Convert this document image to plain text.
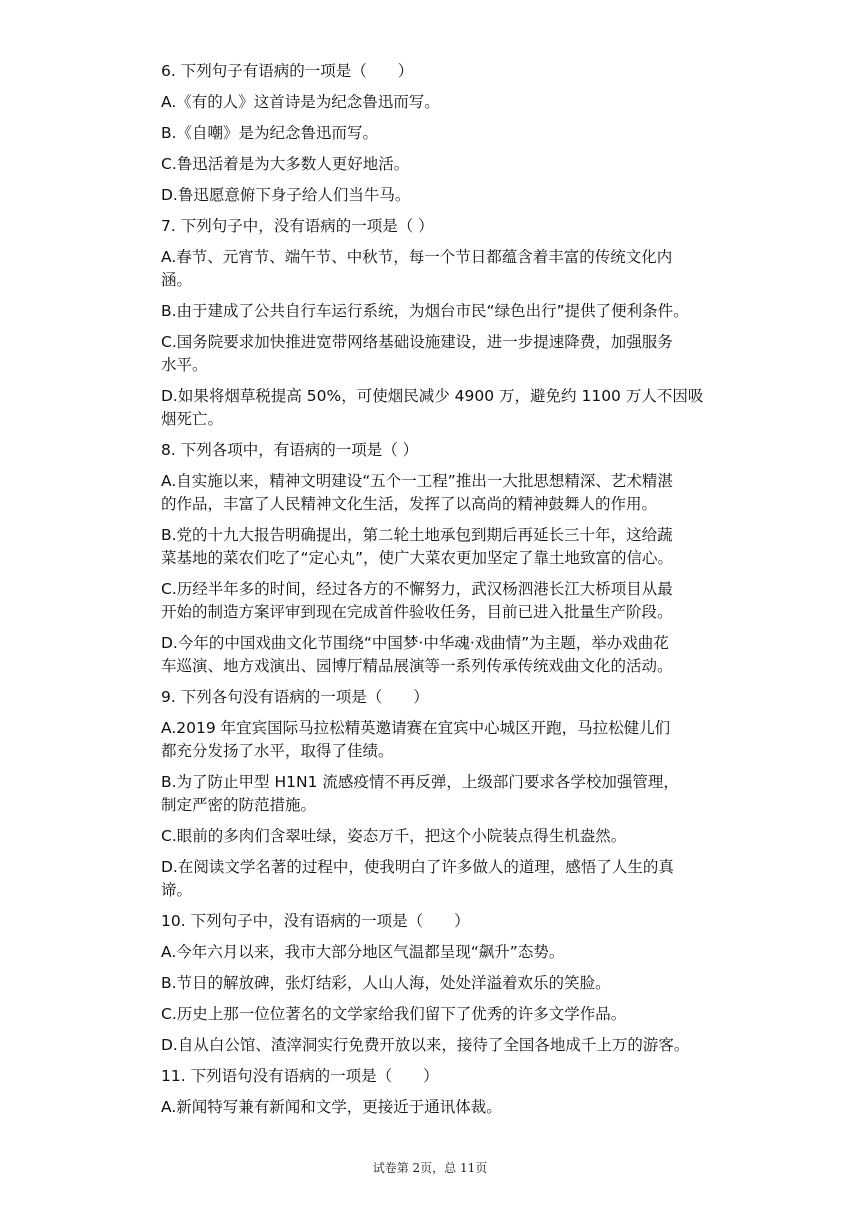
6. 下列句子有语病的一项是（　　）
A.《有的人》这首诗是为纪念鲁迅而写。
B.《自嘲》是为纪念鲁迅而写。
C.鲁迅活着是为大多数人更好地活。
D.鲁迅愿意俯下身子给人们当牛马。
7. 下列句子中，没有语病的一项是（ ）
A.春节、元宵节、端午节、中秋节，每一个节日都蕴含着丰富的传统文化内
涵。
B.由于建成了公共自行车运行系统，为烟台市民“绿色出行”提供了便利条件。
C.国务院要求加快推进宽带网络基础设施建设，进一步提速降费，加强服务
水平。
D.如果将烟草税提高 50%，可使烟民减少 4900 万，避免约 1100 万人不因吸
烟死亡。
8. 下列各项中，有语病的一项是（ ）
A.自实施以来，精神文明建设“五个一工程”推出一大批思想精深、艺术精湛
的作品，丰富了人民精神文化生活，发挥了以高尚的精神鼓舞人的作用。
B.党的十九大报告明确提出，第二轮土地承包到期后再延长三十年，这给蔬
菜基地的菜农们吃了“定心丸”，使广大菜农更加坚定了靠土地致富的信心。
C.历经半年多的时间，经过各方的不懈努力，武汉杨泗港长江大桥项目从最
开始的制造方案评审到现在完成首件验收任务，目前已进入批量生产阶段。
D.今年的中国戏曲文化节围绕“中国梦·中华魂·戏曲情”为主题，举办戏曲花
车巡演、地方戏演出、园博厅精品展演等一系列传承传统戏曲文化的活动。
9. 下列各句没有语病的一项是（　　）
A.2019 年宜宾国际马拉松精英邀请赛在宜宾中心城区开跑，马拉松健儿们
都充分发扬了水平，取得了佳绩。
B.为了防止甲型 H1N1 流感疫情不再反弹，上级部门要求各学校加强管理，
制定严密的防范措施。
C.眼前的多肉们含翠吐绿，姿态万千，把这个小院装点得生机盎然。
D.在阅读文学名著的过程中，使我明白了许多做人的道理，感悟了人生的真
谛。
10. 下列句子中，没有语病的一项是（　　）
A.今年六月以来，我市大部分地区气温都呈现“飙升”态势。
B.节日的解放碑，张灯结彩，人山人海，处处洋溢着欢乐的笑脸。
C.历史上那一位位著名的文学家给我们留下了优秀的许多文学作品。
D.自从白公馆、渣滓洞实行免费开放以来，接待了全国各地成千上万的游客。
11. 下列语句没有语病的一项是（　　）
A.新闻特写兼有新闻和文学，更接近于通讯体裁。
试卷第 2页，总 11页
